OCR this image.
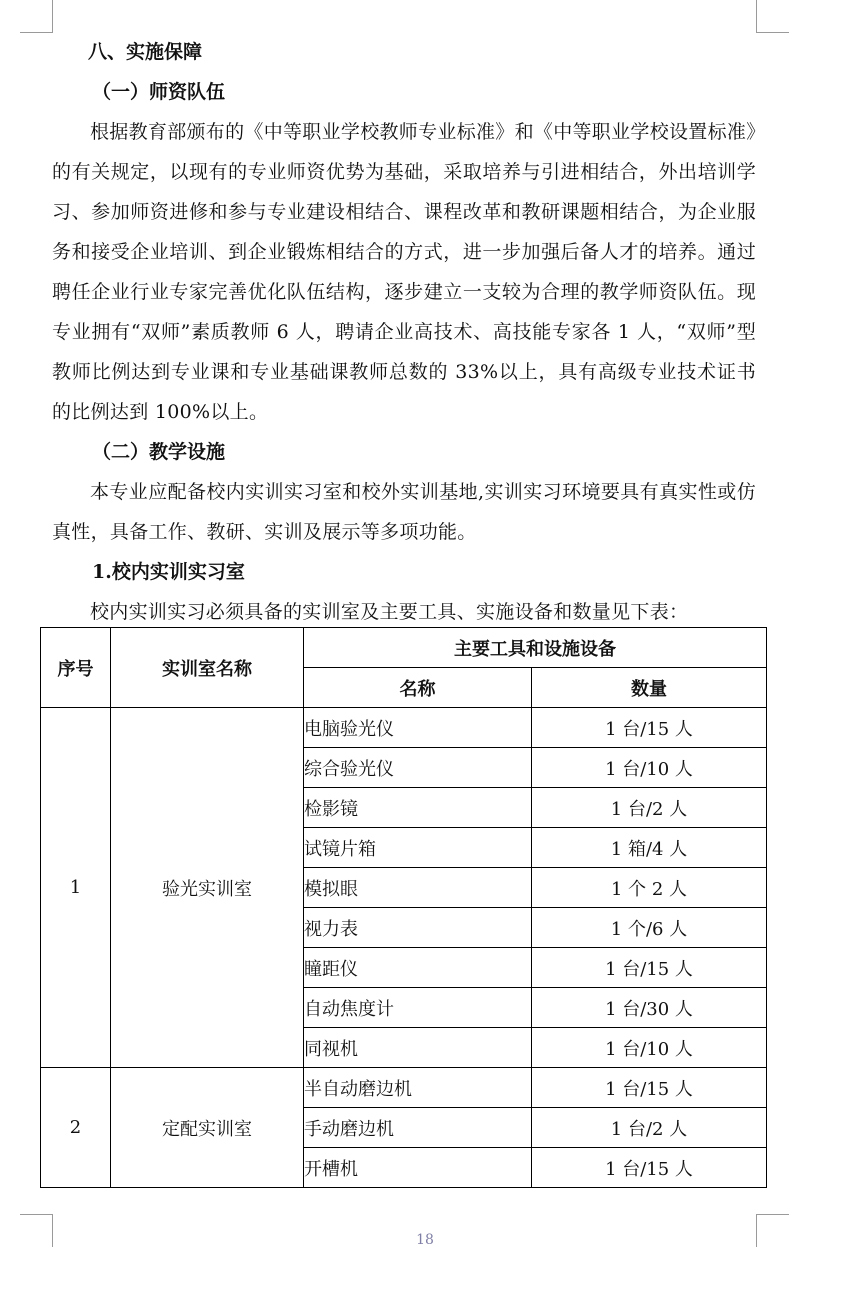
八、实施保障

（一）师资队伍

根据教育部颁布的《中等职业学校教师专业标准》和《中等职业学校设置标准》的有关规定，以现有的专业师资优势为基础，采取培养与引进相结合，外出培训学习、参加师资进修和参与专业建设相结合、课程改革和教研课题相结合，为企业服务和接受企业培训、到企业锻炼相结合的方式，进一步加强后备人才的培养。通过聘任企业行业专家完善优化队伍结构，逐步建立一支较为合理的教学师资队伍。现专业拥有“双师”素质教师 6 人，聘请企业高技术、高技能专家各 1 人，“双师”型教师比例达到专业课和专业基础课教师总数的 33%以上，具有高级专业技术证书的比例达到 100%以上。

（二）教学设施

本专业应配备校内实训实习室和校外实训基地,实训实习环境要具有真实性或仿真性，具备工作、教研、实训及展示等多项功能。

1.校内实训实习室

校内实训实习必须具备的实训室及主要工具、实施设备和数量见下表：

序号	实训室名称	主要工具和设施设备	
		名称	数量
1	验光实训室	电脑验光仪	1 台/15 人
		综合验光仪	1 台/10 人
		检影镜	1 台/2 人
		试镜片箱	1 箱/4 人
		模拟眼	1 个 2 人
		视力表	1 个/6 人
		瞳距仪	1 台/15 人
		自动焦度计	1 台/30 人
		同视机	1 台/10 人
2	定配实训室	半自动磨边机	1 台/15 人
		手动磨边机	1 台/2 人
		开槽机	1 台/15 人
18
